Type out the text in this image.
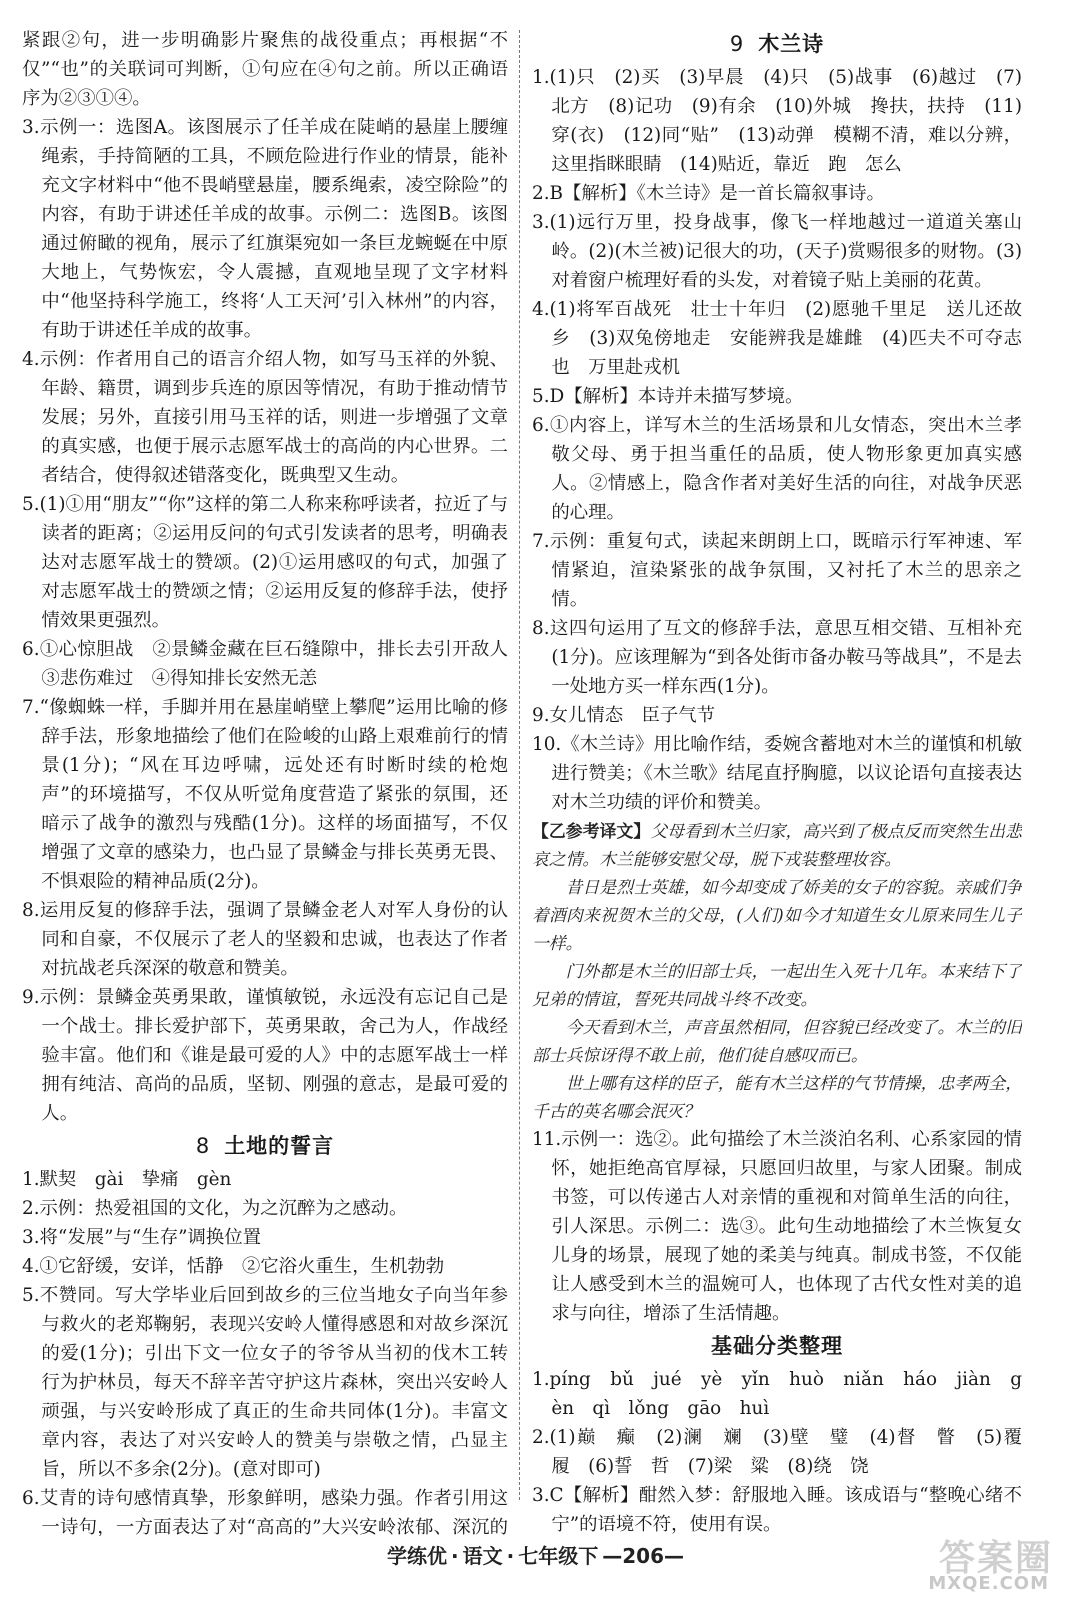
紧跟②句，进一步明确影片聚焦的战役重点；再根据“不仅”“也”的关联词可判断，①句应在④句之前。所以正确语序为②③①④。

3.示例一：选图A。该图展示了任羊成在陡峭的悬崖上腰缠绳索，手持简陋的工具，不顾危险进行作业的情景，能补充文字材料中“他不畏峭壁悬崖，腰系绳索，凌空除险”的内容，有助于讲述任羊成的故事。示例二：选图B。该图通过俯瞰的视角，展示了红旗渠宛如一条巨龙蜿蜒在中原大地上，气势恢宏，令人震撼，直观地呈现了文字材料中“他坚持科学施工，终将‘人工天河’引入林州”的内容，有助于讲述任羊成的故事。

4.示例：作者用自己的语言介绍人物，如写马玉祥的外貌、年龄、籍贯，调到步兵连的原因等情况，有助于推动情节发展；另外，直接引用马玉祥的话，则进一步增强了文章的真实感，也便于展示志愿军战士的高尚的内心世界。二者结合，使得叙述错落变化，既典型又生动。

5.(1)①用“朋友”“你”这样的第二人称来称呼读者，拉近了与读者的距离；②运用反问的句式引发读者的思考，明确表达对志愿军战士的赞颂。(2)①运用感叹的句式，加强了对志愿军战士的赞颂之情；②运用反复的修辞手法，使抒情效果更强烈。

6.①心惊胆战　②景鳞金藏在巨石缝隙中，排长去引开敌人　③悲伤难过　④得知排长安然无恙

7.“像蜘蛛一样，手脚并用在悬崖峭壁上攀爬”运用比喻的修辞手法，形象地描绘了他们在险峻的山路上艰难前行的情景(1分)；“风在耳边呼啸，远处还有时断时续的枪炮声”的环境描写，不仅从听觉角度营造了紧张的氛围，还暗示了战争的激烈与残酷(1分)。这样的场面描写，不仅增强了文章的感染力，也凸显了景鳞金与排长英勇无畏、不惧艰险的精神品质(2分)。

8.运用反复的修辞手法，强调了景鳞金老人对军人身份的认同和自豪，不仅展示了老人的坚毅和忠诚，也表达了作者对抗战老兵深深的敬意和赞美。

9.示例：景鳞金英勇果敢，谨慎敏锐，永远没有忘记自己是一个战士。排长爱护部下，英勇果敢，舍己为人，作战经验丰富。他们和《谁是最可爱的人》中的志愿军战士一样拥有纯洁、高尚的品质，坚韧、刚强的意志，是最可爱的人。

8 土地的誓言

1.默契　gài　挚痛　gèn

2.示例：热爱祖国的文化，为之沉醉为之感动。

3.将“发展”与“生存”调换位置

4.①它舒缓，安详，恬静　②它浴火重生，生机勃勃

5.不赞同。写大学毕业后回到故乡的三位当地女子向当年参与救火的老郑鞠躬，表现兴安岭人懂得感恩和对故乡深沉的爱(1分)；引出下文一位女子的爷爷从当初的伐木工转行为护林员，每天不辞辛苦守护这片森林，突出兴安岭人顽强，与兴安岭形成了真正的生命共同体(1分)。丰富文章内容，表达了对兴安岭人的赞美与崇敬之情，凸显主旨，所以不多余(2分)。(意对即可)

6.艾青的诗句感情真挚，形象鲜明，感染力强。作者引用这一诗句，一方面表达了对“高高的”大兴安岭浓郁、深沉的

9 木兰诗

1.(1)只　(2)买　(3)早晨　(4)只　(5)战事　(6)越过　(7)北方　(8)记功　(9)有余　(10)外城　搀扶，扶持　(11)穿(衣)　(12)同“贴”　(13)动弹　模糊不清，难以分辨，这里指眯眼睛　(14)贴近，靠近　跑　怎么

2.B【解析】《木兰诗》是一首长篇叙事诗。

3.(1)远行万里，投身战事，像飞一样地越过一道道关塞山岭。(2)(木兰被)记很大的功，(天子)赏赐很多的财物。(3)对着窗户梳理好看的头发，对着镜子贴上美丽的花黄。

4.(1)将军百战死　壮士十年归　(2)愿驰千里足　送儿还故乡　(3)双兔傍地走　安能辨我是雄雌　(4)匹夫不可夺志也　万里赴戎机

5.D【解析】本诗并未描写梦境。

6.①内容上，详写木兰的生活场景和儿女情态，突出木兰孝敬父母、勇于担当重任的品质，使人物形象更加真实感人。②情感上，隐含作者对美好生活的向往，对战争厌恶的心理。

7.示例：重复句式，读起来朗朗上口，既暗示行军神速、军情紧迫，渲染紧张的战争氛围，又衬托了木兰的思亲之情。

8.这四句运用了互文的修辞手法，意思互相交错、互相补充(1分)。应该理解为“到各处街市备办鞍马等战具”，不是去一处地方买一样东西(1分)。

9.女儿情态　臣子气节

10.《木兰诗》用比喻作结，委婉含蓄地对木兰的谨慎和机敏进行赞美；《木兰歌》结尾直抒胸臆，以议论语句直接表达对木兰功绩的评价和赞美。

【乙参考译文】父母看到木兰归家，高兴到了极点反而突然生出悲哀之情。木兰能够安慰父母，脱下戎装整理妆容。

昔日是烈士英雄，如今却变成了娇美的女子的容貌。亲戚们争着酒肉来祝贺木兰的父母，(人们)如今才知道生女儿原来同生儿子一样。

门外都是木兰的旧部士兵，一起出生入死十几年。本来结下了兄弟的情谊，誓死共同战斗终不改变。

今天看到木兰，声音虽然相同，但容貌已经改变了。木兰的旧部士兵惊讶得不敢上前，他们徒自感叹而已。

世上哪有这样的臣子，能有木兰这样的气节情操，忠孝两全，千古的英名哪会泯灭？

11.示例一：选②。此句描绘了木兰淡泊名利、心系家园的情怀，她拒绝高官厚禄，只愿回归故里，与家人团聚。制成书签，可以传递古人对亲情的重视和对简单生活的向往，引人深思。示例二：选③。此句生动地描绘了木兰恢复女儿身的场景，展现了她的柔美与纯真。制成书签，不仅能让人感受到木兰的温婉可人，也体现了古代女性对美的追求与向往，增添了生活情趣。

基础分类整理

1.píng　bǔ　jué　yè　yǐn　huò　niǎn　háo　jiàn　gèn　qì　lǒng　gāo　huì

2.(1)巅　癫　(2)澜　斓　(3)壁　璧　(4)督　瞥　(5)覆　履　(6)誓　哲　(7)梁　粱　(8)绕　饶

3.C【解析】酣然入梦：舒服地入睡。该成语与“整晚心绪不宁”的语境不符，使用有误。

学练优 · 语文 · 七年级下 —206—	答案圈
MXQE.COM
